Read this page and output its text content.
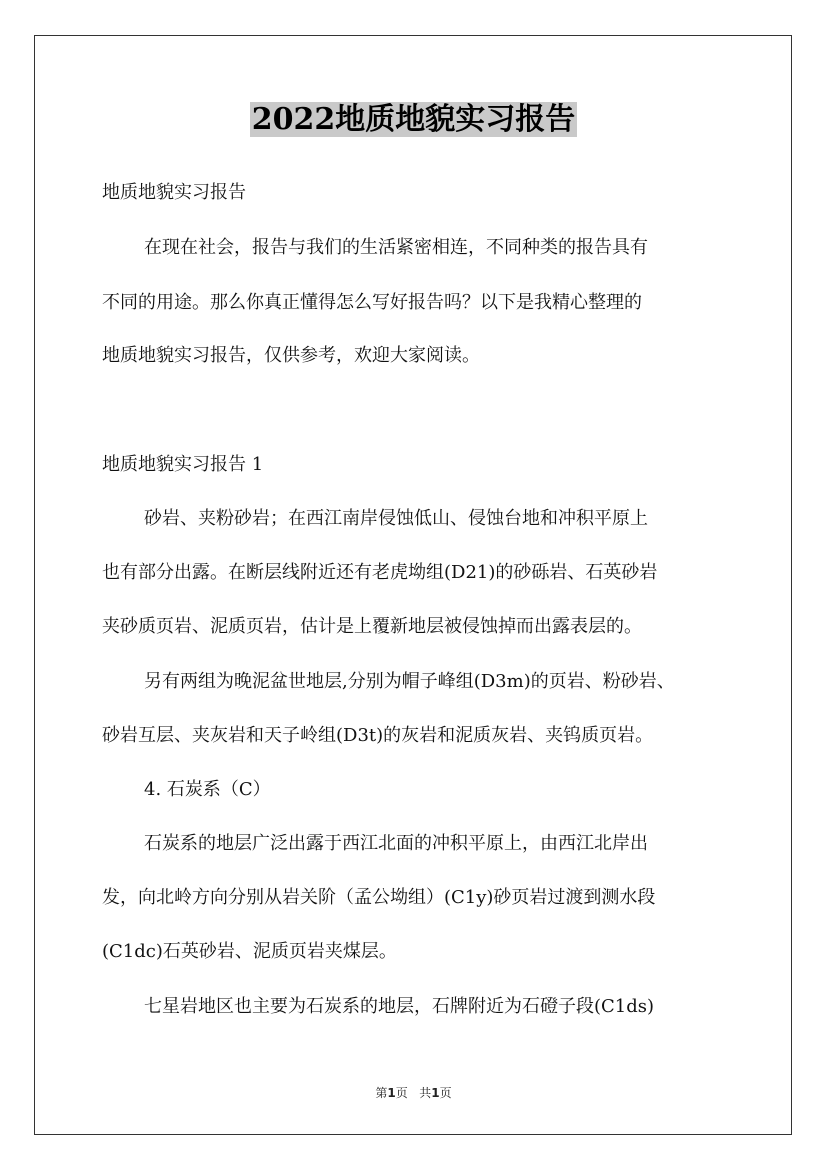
2022地质地貌实习报告
地质地貌实习报告
在现在社会，报告与我们的生活紧密相连，不同种类的报告具有
不同的用途。那么你真正懂得怎么写好报告吗？以下是我精心整理的
地质地貌实习报告，仅供参考，欢迎大家阅读。
地质地貌实习报告 1
砂岩、夹粉砂岩；在西江南岸侵蚀低山、侵蚀台地和冲积平原上
也有部分出露。在断层线附近还有老虎坳组(D21)的砂砾岩、石英砂岩
夹砂质页岩、泥质页岩，估计是上覆新地层被侵蚀掉而出露表层的。
另有两组为晚泥盆世地层,分别为帽子峰组(D3m)的页岩、粉砂岩、
砂岩互层、夹灰岩和天子岭组(D3t)的灰岩和泥质灰岩、夹钨质页岩。
4. 石炭系（C）
石炭系的地层广泛出露于西江北面的冲积平原上，由西江北岸出
发，向北岭方向分别从岩关阶（孟公坳组）(C1y)砂页岩过渡到测水段
(C1dc)石英砂岩、泥质页岩夹煤层。
七星岩地区也主要为石炭系的地层，石牌附近为石磴子段(C1ds)
第1页   共1页
